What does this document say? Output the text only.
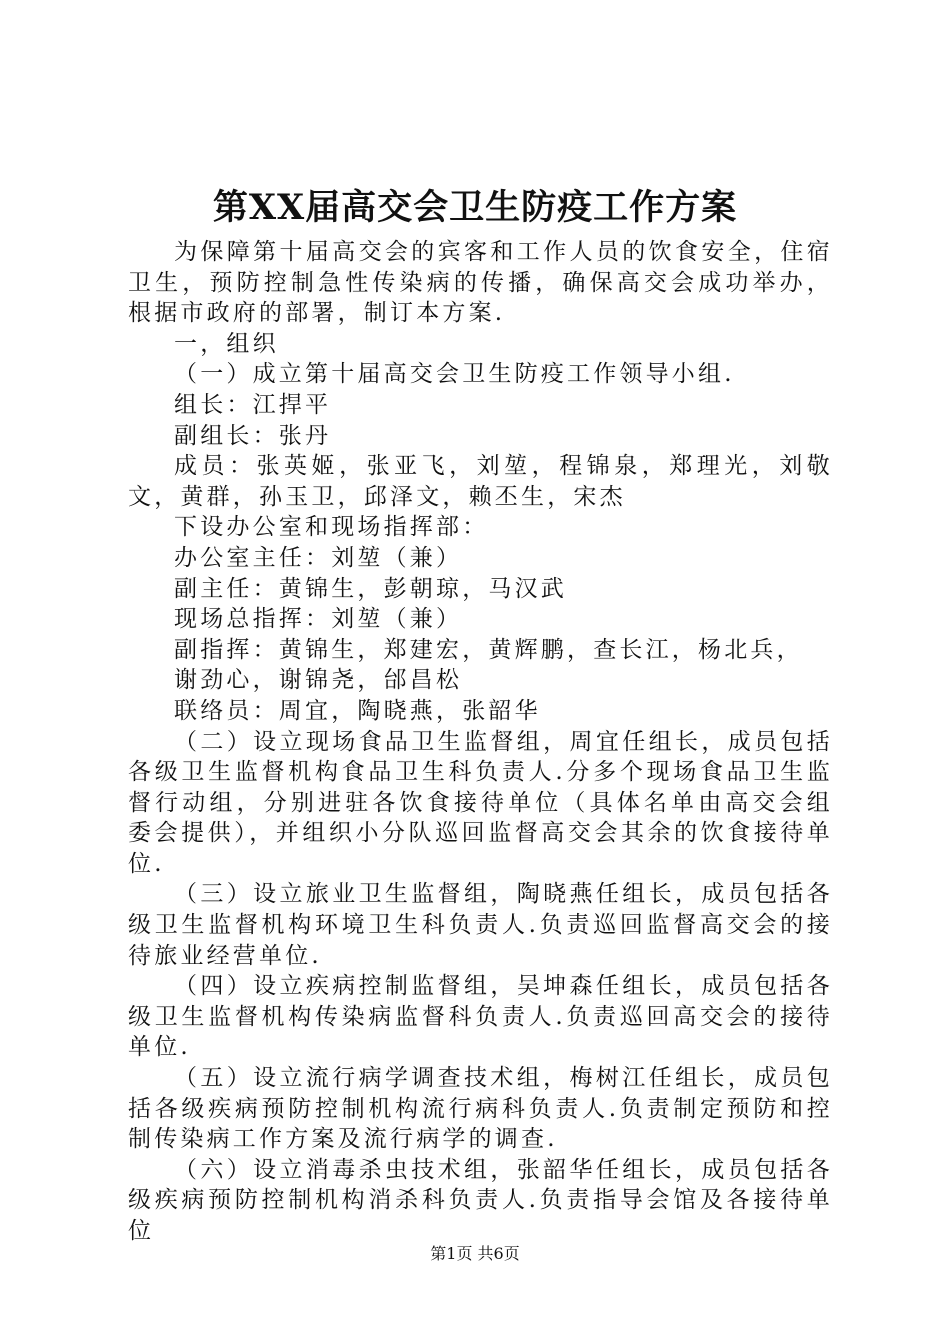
第XX届高交会卫生防疫工作方案

为保障第十届高交会的宾客和工作人员的饮食安全，住宿卫生，预防控制急性传染病的传播，确保高交会成功举办，根据市政府的部署，制订本方案.

一，组织

（一）成立第十届高交会卫生防疫工作领导小组.

组长：江捍平

副组长：张丹

成员：张英姬，张亚飞，刘堃，程锦泉，郑理光，刘敬文，黄群，孙玉卫，邱泽文，赖丕生，宋杰

下设办公室和现场指挥部：

办公室主任：刘堃（兼）

副主任：黄锦生，彭朝琼，马汉武

现场总指挥：刘堃（兼）

副指挥：黄锦生，郑建宏，黄辉鹏，查长江，杨北兵，

谢劲心，谢锦尧，邰昌松

联络员：周宜，陶晓燕，张韶华

（二）设立现场食品卫生监督组，周宜任组长，成员包括各级卫生监督机构食品卫生科负责人.分多个现场食品卫生监督行动组，分别进驻各饮食接待单位（具体名单由高交会组委会提供），并组织小分队巡回监督高交会其余的饮食接待单位.

（三）设立旅业卫生监督组，陶晓燕任组长，成员包括各级卫生监督机构环境卫生科负责人.负责巡回监督高交会的接待旅业经营单位.

（四）设立疾病控制监督组，吴坤森任组长，成员包括各级卫生监督机构传染病监督科负责人.负责巡回高交会的接待单位.

（五）设立流行病学调查技术组，梅树江任组长，成员包括各级疾病预防控制机构流行病科负责人.负责制定预防和控制传染病工作方案及流行病学的调查.

（六）设立消毒杀虫技术组，张韶华任组长，成员包括各级疾病预防控制机构消杀科负责人.负责指导会馆及各接待单位

第1页 共6页
